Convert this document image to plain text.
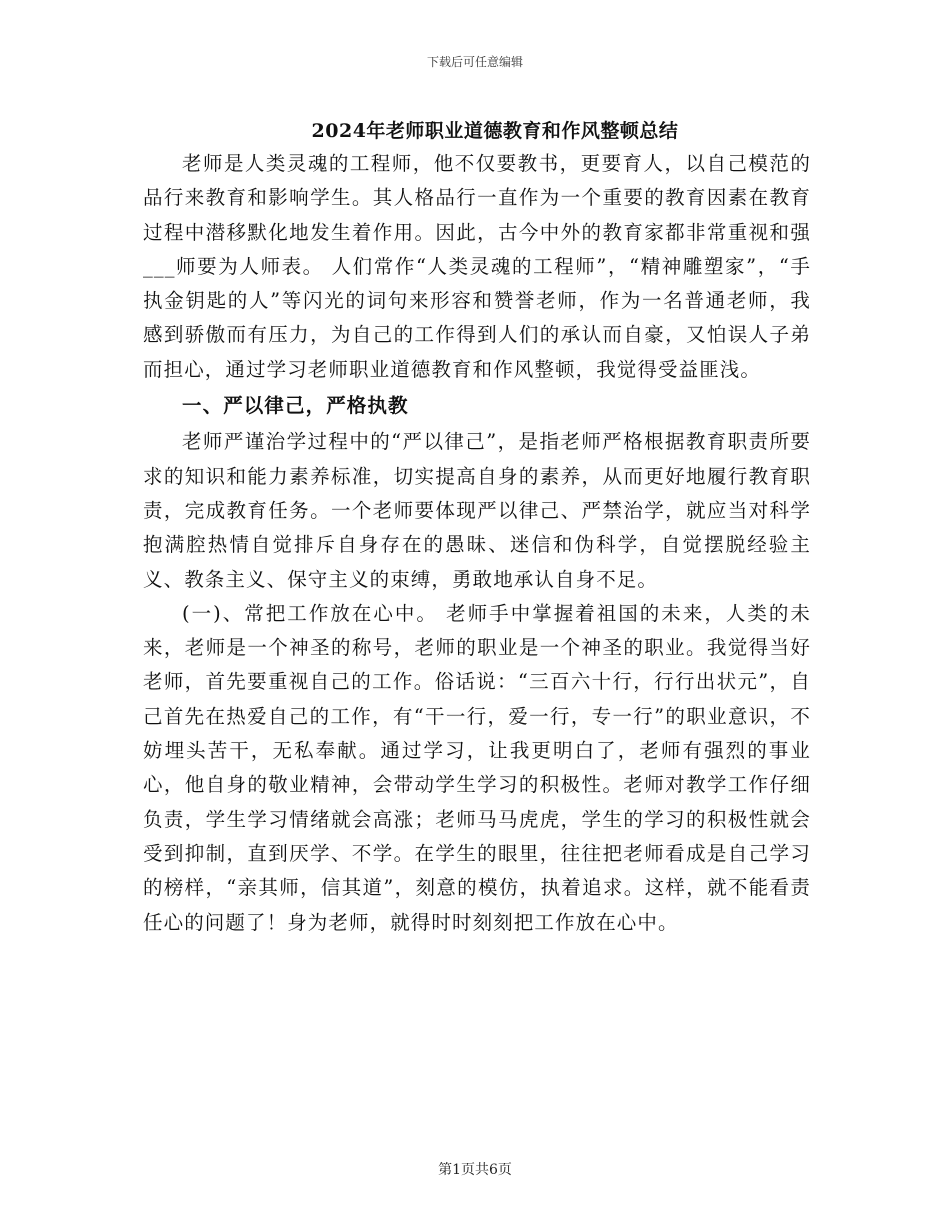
下载后可任意编辑
2024年老师职业道德教育和作风整顿总结

老师是人类灵魂的工程师，他不仅要教书，更要育人，以自己模范的品行来教育和影响学生。其人格品行一直作为一个重要的教育因素在教育过程中潜移默化地发生着作用。因此，古今中外的教育家都非常重视和强___师要为人师表。 人们常作“人类灵魂的工程师”，“精神雕塑家”，“手执金钥匙的人”等闪光的词句来形容和赞誉老师，作为一名普通老师，我感到骄傲而有压力，为自己的工作得到人们的承认而自豪，又怕误人子弟而担心，通过学习老师职业道德教育和作风整顿，我觉得受益匪浅。

一、严以律己，严格执教

老师严谨治学过程中的“严以律己”，是指老师严格根据教育职责所要求的知识和能力素养标准，切实提高自身的素养，从而更好地履行教育职责，完成教育任务。一个老师要体现严以律己、严禁治学，就应当对科学抱满腔热情自觉排斥自身存在的愚昧、迷信和伪科学，自觉摆脱经验主义、教条主义、保守主义的束缚，勇敢地承认自身不足。

(一)、常把工作放在心中。 老师手中掌握着祖国的未来，人类的未来，老师是一个神圣的称号，老师的职业是一个神圣的职业。我觉得当好老师，首先要重视自己的工作。俗话说：“三百六十行，行行出状元”，自己首先在热爱自己的工作，有“干一行，爱一行，专一行”的职业意识，不妨埋头苦干，无私奉献。通过学习，让我更明白了，老师有强烈的事业心，他自身的敬业精神，会带动学生学习的积极性。老师对教学工作仔细负责，学生学习情绪就会高涨；老师马马虎虎，学生的学习的积极性就会受到抑制，直到厌学、不学。在学生的眼里，往往把老师看成是自己学习的榜样，“亲其师，信其道”，刻意的模仿，执着追求。这样，就不能看责任心的问题了！身为老师，就得时时刻刻把工作放在心中。

第1页共6页
